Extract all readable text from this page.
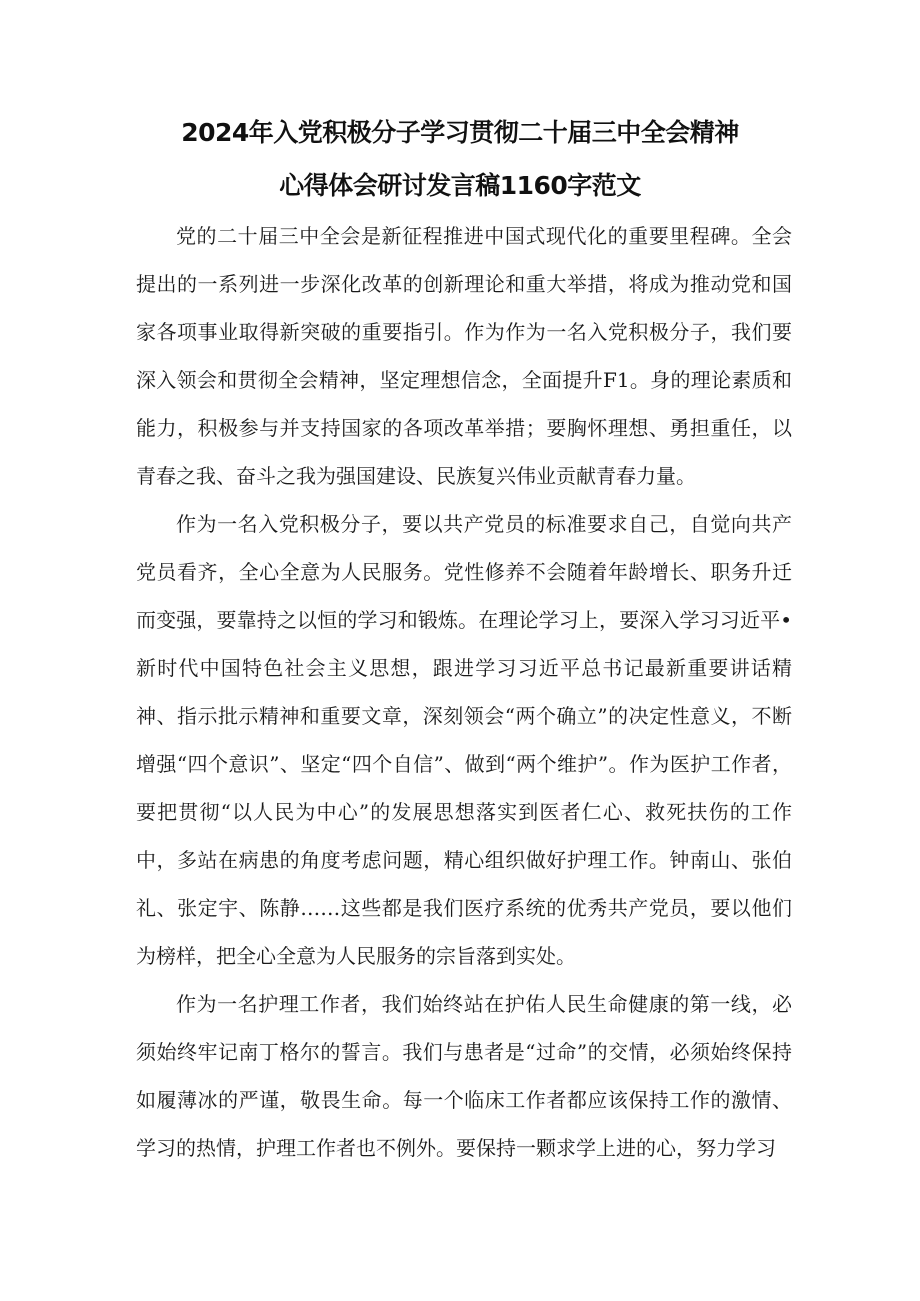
2024年入党积极分子学习贯彻二十届三中全会精神
心得体会研讨发言稿1160字范文

党的二十届三中全会是新征程推进中国式现代化的重要里程碑。全会提出的一系列进一步深化改革的创新理论和重大举措，将成为推动党和国家各项事业取得新突破的重要指引。作为作为一名入党积极分子，我们要深入领会和贯彻全会精神，坚定理想信念，全面提升F1。身的理论素质和能力，积极参与并支持国家的各项改革举措；要胸怀理想、勇担重任，以青春之我、奋斗之我为强国建设、民族复兴伟业贡献青春力量。

作为一名入党积极分子，要以共产党员的标准要求自己，自觉向共产党员看齐，全心全意为人民服务。党性修养不会随着年龄增长、职务升迁而变强，要靠持之以恒的学习和锻炼。在理论学习上，要深入学习习近平•新时代中国特色社会主义思想，跟进学习习近平总书记最新重要讲话精神、指示批示精神和重要文章，深刻领会“两个确立”的决定性意义，不断增强“四个意识”、坚定“四个自信”、做到“两个维护”。作为医护工作者，要把贯彻“以人民为中心”的发展思想落实到医者仁心、救死扶伤的工作中，多站在病患的角度考虑问题，精心组织做好护理工作。钟南山、张伯礼、张定宇、陈静……这些都是我们医疗系统的优秀共产党员，要以他们为榜样，把全心全意为人民服务的宗旨落到实处。

作为一名护理工作者，我们始终站在护佑人民生命健康的第一线，必须始终牢记南丁格尔的誓言。我们与患者是“过命”的交情，必须始终保持如履薄冰的严谨，敬畏生命。每一个临床工作者都应该保持工作的激情、学习的热情，护理工作者也不例外。要保持一颗求学上进的心，努力学习
